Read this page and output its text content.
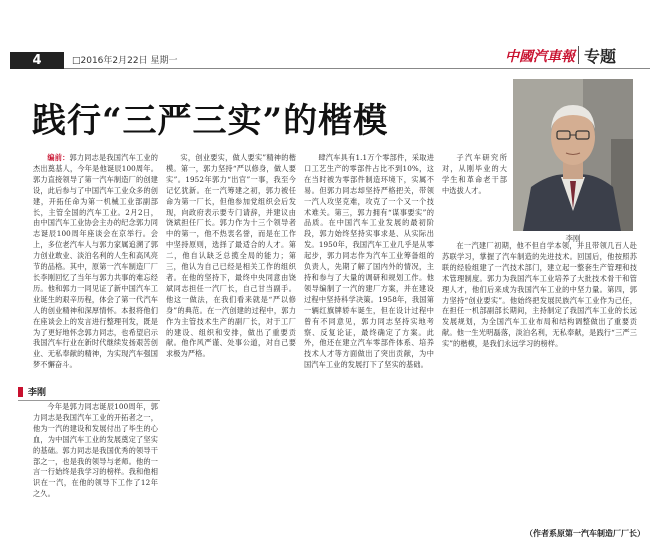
4	□2016年2月22日 星期一	中國汽車報 专题
践行“三严三实”的楷模
李刚

编前：郭力同志是我国汽车工业的杰出奠基人，今年是他诞辰100周年。郭力直接领导了第一汽车制造厂的创建设，此后参与了中国汽车工业众多的创建，开拓任命为第一机械工业部副部长，主管全国的汽车工业。2月2日，由中国汽车工业协会主办的纪念郭力同志诞辰100周年座谈会在京举行。会上，多位老汽车人与郭力家属追溯了郭力创业敢业、淡泊名利的人生和高风亮节的品格。其中，原第一汽车制造厂厂长李刚回忆了当年与郭力共事的难忘经历。他和郭力一同见证了新中国汽车工业诞生的艰辛历程，体会了第一代汽车人的创业精神和深厚情怀。本报将他们在座谈会上的发言进行整理刊发，既是为了更好地怀念郭力同志，也希望启示我国汽车行业在新时代继续发扬艰苦创业、无私奉献的精神，为实现汽车强国梦不懈奋斗。

李刚

今年是郭力同志诞辰100周年，郭力同志是我国汽车工业的开拓者之一，他为一汽的建设和发展付出了毕生的心血，为中国汽车工业的发展奠定了坚实的基础。郭力同志是我国优秀的领导干部之一，也是我的领导与老师。他的一言一行始终是我学习的榜样。我和他相识在一汽，在他的领导下工作了12年之久。

实，创业要实，做人要实”精神的楷模。第一，郭力坚持“严以修身，做人要实”。1952年郭力“出官”一事，我至今记忆犹新。在一汽筹建之初，郭力被任命为第一厂长，但他参加党组织会后发现，向政府表示要专门请辞，并建议由饶斌担任厂长。郭力作为十三个领导者中的第一，他不热衷名誉，而是在工作中坚持原则，选择了最适合的人才。第二，他自认缺乏总揽全局的能力；第三，他认为自己已经是相关工作的组织者。在他的坚持下，最终中央同意由饶斌同志担任一汽厂长，自己甘当副手。他这一做法，在我们看来就是“严以修身”的典范。在一汽创建的过程中，郭力作为主管技术生产的副厂长，对于工厂的建设、组织和安排，做出了重要贡献。他作风严谨、处事公道，对自己要求极为严格。

肆汽车具有1.1万个零部件，采取进口工艺生产的零部件占比不到10%，这在当时被为零部件制造环境下，实属不易。但郭力同志却坚持严格把关，带领一汽人攻坚克难，攻克了一个又一个技术难关。第三，郭力拥有“谋事要实”的品质。在中国汽车工业发展的最初阶段，郭力始终坚持实事求是、从实际出发。1950年，我国汽车工业几乎是从零起步，郭力同志作为汽车工业筹备组的负责人，先期了解了国内外的情况，主持和参与了大量的调研和规划工作。他领导编制了一汽的建厂方案，并在建设过程中坚持科学决策。1958年，我国第一辆红旗牌轿车诞生，但在设计过程中曾有不同意见，郭力同志坚持实地考察、反复论证，最终确定了方案。此外，他还在建立汽车零部件体系、培养技术人才等方面做出了突出贡献，为中国汽车工业的发展打下了坚实的基础。

子汽车研究所对，从刚毕业的大学生和革命老干部中选拔人才。

在一汽建厂初期，他不但自学本领，并且带领几百人赴苏联学习，掌握了汽车制造的先进技术。回国后，他按照苏联的经验组建了一汽技术部门，建立起一整套生产管理和技术管理制度。郭力为我国汽车工业培养了大批技术骨干和管理人才，他们后来成为我国汽车工业的中坚力量。第四，郭力坚持“创业要实”。他始终把发展民族汽车工业作为己任，在担任一机部副部长期间，主持制定了我国汽车工业的长远发展规划，为全国汽车工业布局和结构调整做出了重要贡献。他一生光明磊落，淡泊名利，无私奉献，是践行“三严三实”的楷模，是我们永远学习的榜样。

（作者系原第一汽车制造厂厂长）
